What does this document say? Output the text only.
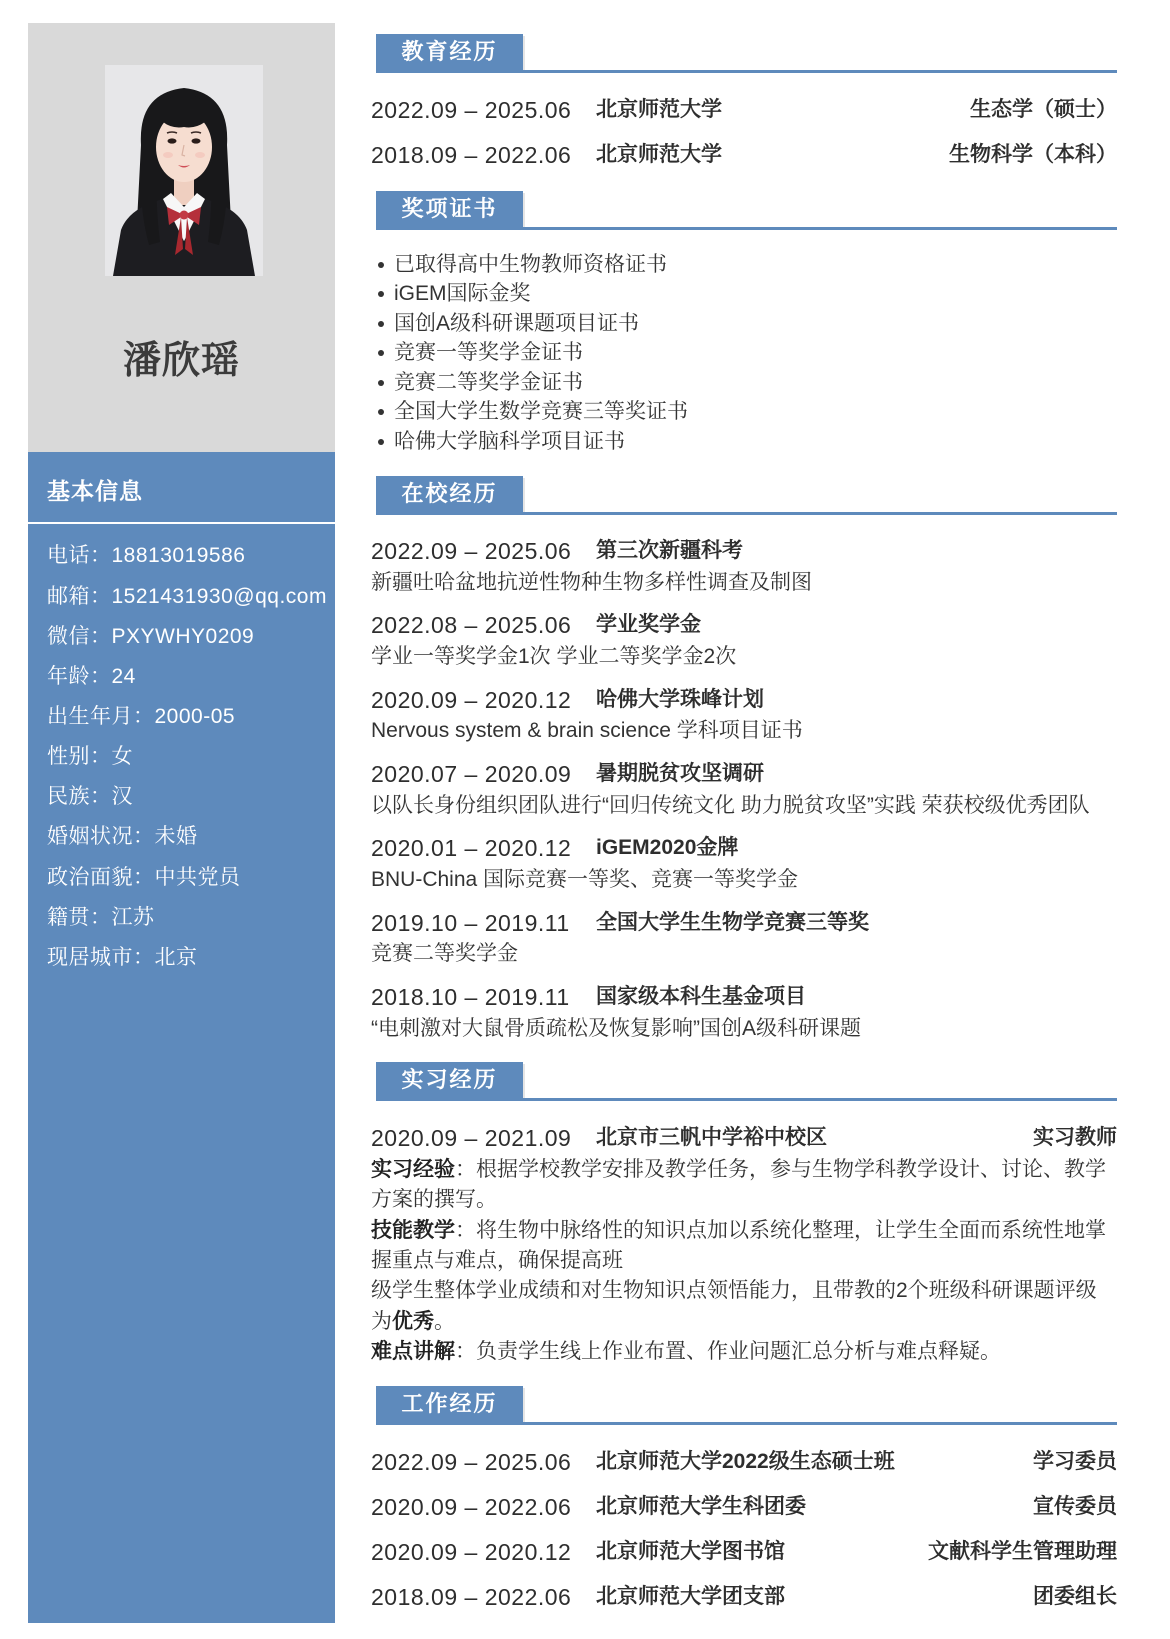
潘欣瑶
基本信息
电话：18813019586
邮箱：1521431930@qq.com
微信：PXYWHY0209
年龄：24
出生年月：2000-05
性别：女
民族：汉
婚姻状况：未婚
政治面貌：中共党员
籍贯：江苏
现居城市：北京
教育经历
2022.09 – 2025.06 北京师范大学	生态学（硕士）
2018.09 – 2022.06 北京师范大学	生物科学（本科）
奖项证书
已取得高中生物教师资格证书
iGEM国际金奖
国创A级科研课题项目证书
竞赛一等奖学金证书
竞赛二等奖学金证书
全国大学生数学竞赛三等奖证书
哈佛大学脑科学项目证书
在校经历
2022.09 – 2025.06 第三次新疆科考
新疆吐哈盆地抗逆性物种生物多样性调查及制图
2022.08 – 2025.06 学业奖学金
学业一等奖学金1次 学业二等奖学金2次
2020.09 – 2020.12 哈佛大学珠峰计划
Nervous system & brain science 学科项目证书
2020.07 – 2020.09 暑期脱贫攻坚调研
以队长身份组织团队进行“回归传统文化 助力脱贫攻坚”实践 荣获校级优秀团队
2020.01 – 2020.12 iGEM2020金牌
BNU-China 国际竞赛一等奖、竞赛一等奖学金
2019.10 – 2019.11 全国大学生生物学竞赛三等奖
竞赛二等奖学金
2018.10 – 2019.11 国家级本科生基金项目
“电刺激对大鼠骨质疏松及恢复影响”国创A级科研课题
实习经历
2020.09 – 2021.09 北京市三帆中学裕中校区	实习教师
实习经验：根据学校教学安排及教学任务，参与生物学科教学设计、讨论、教学
方案的撰写。
技能教学：将生物中脉络性的知识点加以系统化整理，让学生全面而系统性地掌
握重点与难点，确保提高班
级学生整体学业成绩和对生物知识点领悟能力，且带教的2个班级科研课题评级
为优秀。
难点讲解：负责学生线上作业布置、作业问题汇总分析与难点释疑。
工作经历
2022.09 – 2025.06 北京师范大学2022级生态硕士班	学习委员
2020.09 – 2022.06 北京师范大学生科团委	宣传委员
2020.09 – 2020.12 北京师范大学图书馆	文献科学生管理助理
2018.09 – 2022.06 北京师范大学团支部	团委组长
